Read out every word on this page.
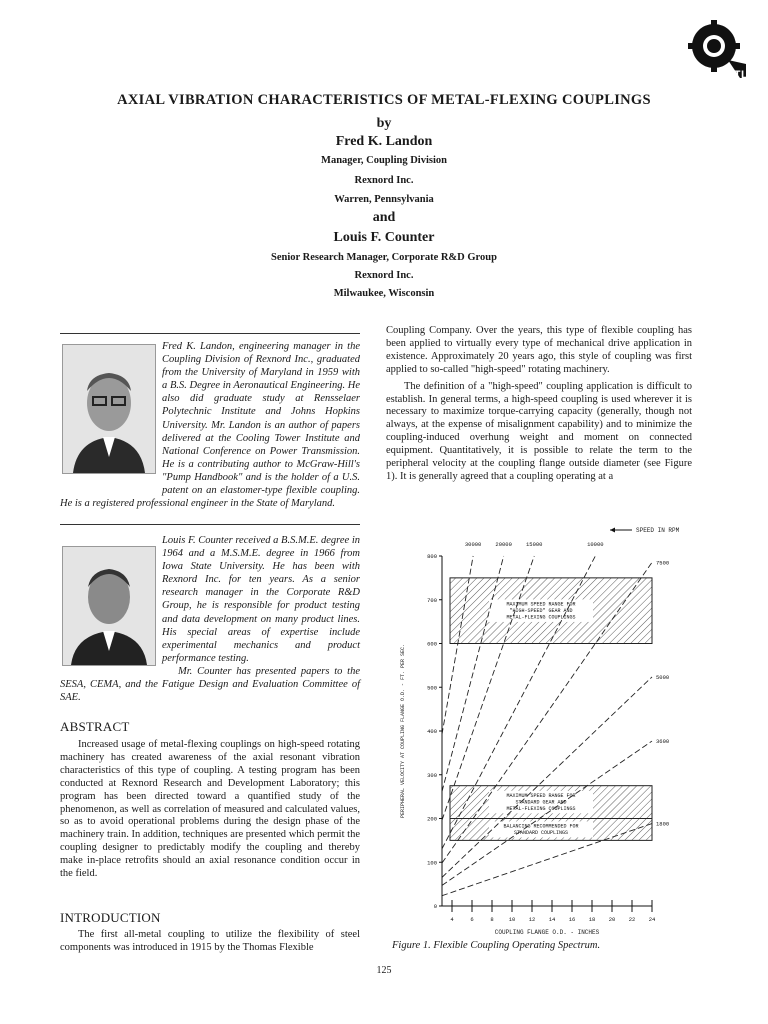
TL
AXIAL VIBRATION CHARACTERISTICS OF METAL-FLEXING COUPLINGS
by
Fred K. Landon
Manager, Coupling Division
Rexnord Inc.
Warren, Pennsylvania
and
Louis F. Counter
Senior Research Manager, Corporate R&D Group
Rexnord Inc.
Milwaukee, Wisconsin
Fred K. Landon, engineering manager in the Coupling Division of Rexnord Inc., graduated from the University of Maryland in 1959 with a B.S. Degree in Aeronautical Engineering. He also did graduate study at Rensselaer Polytechnic Institute and Johns Hopkins University. Mr. Landon is an author of papers delivered at the Cooling Tower Institute and National Conference on Power Transmission. He is a contributing author to McGraw-Hill's "Pump Handbook" and is the holder of a U.S. patent on an elastomer-type flexible coupling. He is a registered professional engineer in the State of Maryland.
Louis F. Counter received a B.S.M.E. degree in 1964 and a M.S.M.E. degree in 1966 from Iowa State University. He has been with Rexnord Inc. for ten years. As a senior research manager in the Corporate R&D Group, he is responsible for product testing and data development on many product lines. His special areas of expertise include experimental mechanics and product performance testing.
Mr. Counter has presented papers to the SESA, CEMA, and the Fatigue Design and Evaluation Committee of SAE.
ABSTRACT

Increased usage of metal-flexing couplings on high-speed rotating machinery has created awareness of the axial resonant vibration characteristics of this type of coupling. A testing program has been conducted at Rexnord Research and Development Laboratory; this program has been directed toward a quantified study of the phenomenon, as well as correlation of measured and calculated values, so as to avoid operational problems during the design phase of the machinery train. In addition, techniques are presented which permit the coupling designer to predictably modify the coupling and thereby make in-place retrofits should an axial resonance condition occur in the field.

INTRODUCTION

The first all-metal coupling to utilize the flexibility of steel components was introduced in 1915 by the Thomas Flexible

Coupling Company. Over the years, this type of flexible coupling has been applied to virtually every type of mechanical drive application in existence. Approximately 20 years ago, this style of coupling was first applied to so-called "high-speed" rotating machinery.

The definition of a "high-speed" coupling application is difficult to establish. In general terms, a high-speed coupling is used wherever it is necessary to maximize torque-carrying capacity (generally, though not always, at the expense of misalignment capability) and to minimize the coupling-induced overhung weight and moment on connected equipment. Quantitatively, it is possible to relate the term to the peripheral velocity at the coupling flange outside diameter (see Figure 1). It is generally agreed that a coupling operating at a

MAXIMUM SPEED RANGE FOR "HIGH-SPEED" GEAR AND METAL-FLEXING COUPLINGS
MAXIMUM SPEED RANGE FOR STANDARD GEAR AND METAL-FLEXING COUPLINGS
BALANCING RECOMMENDED FOR STANDARD COUPLINGS
30000	20000	15000	10000
7500
5000
3600
1800
0
100
200
300
400
500
600
700
800
4	6	8	10 12 14 16 18 20 22 24
PERIPHERAL VELOCITY AT COUPLING FLANGE O.D. - FT. PER SEC.
COUPLING FLANGE O.D. - INCHES
SPEED IN RPM
Figure 1. Flexible Coupling Operating Spectrum.
125
